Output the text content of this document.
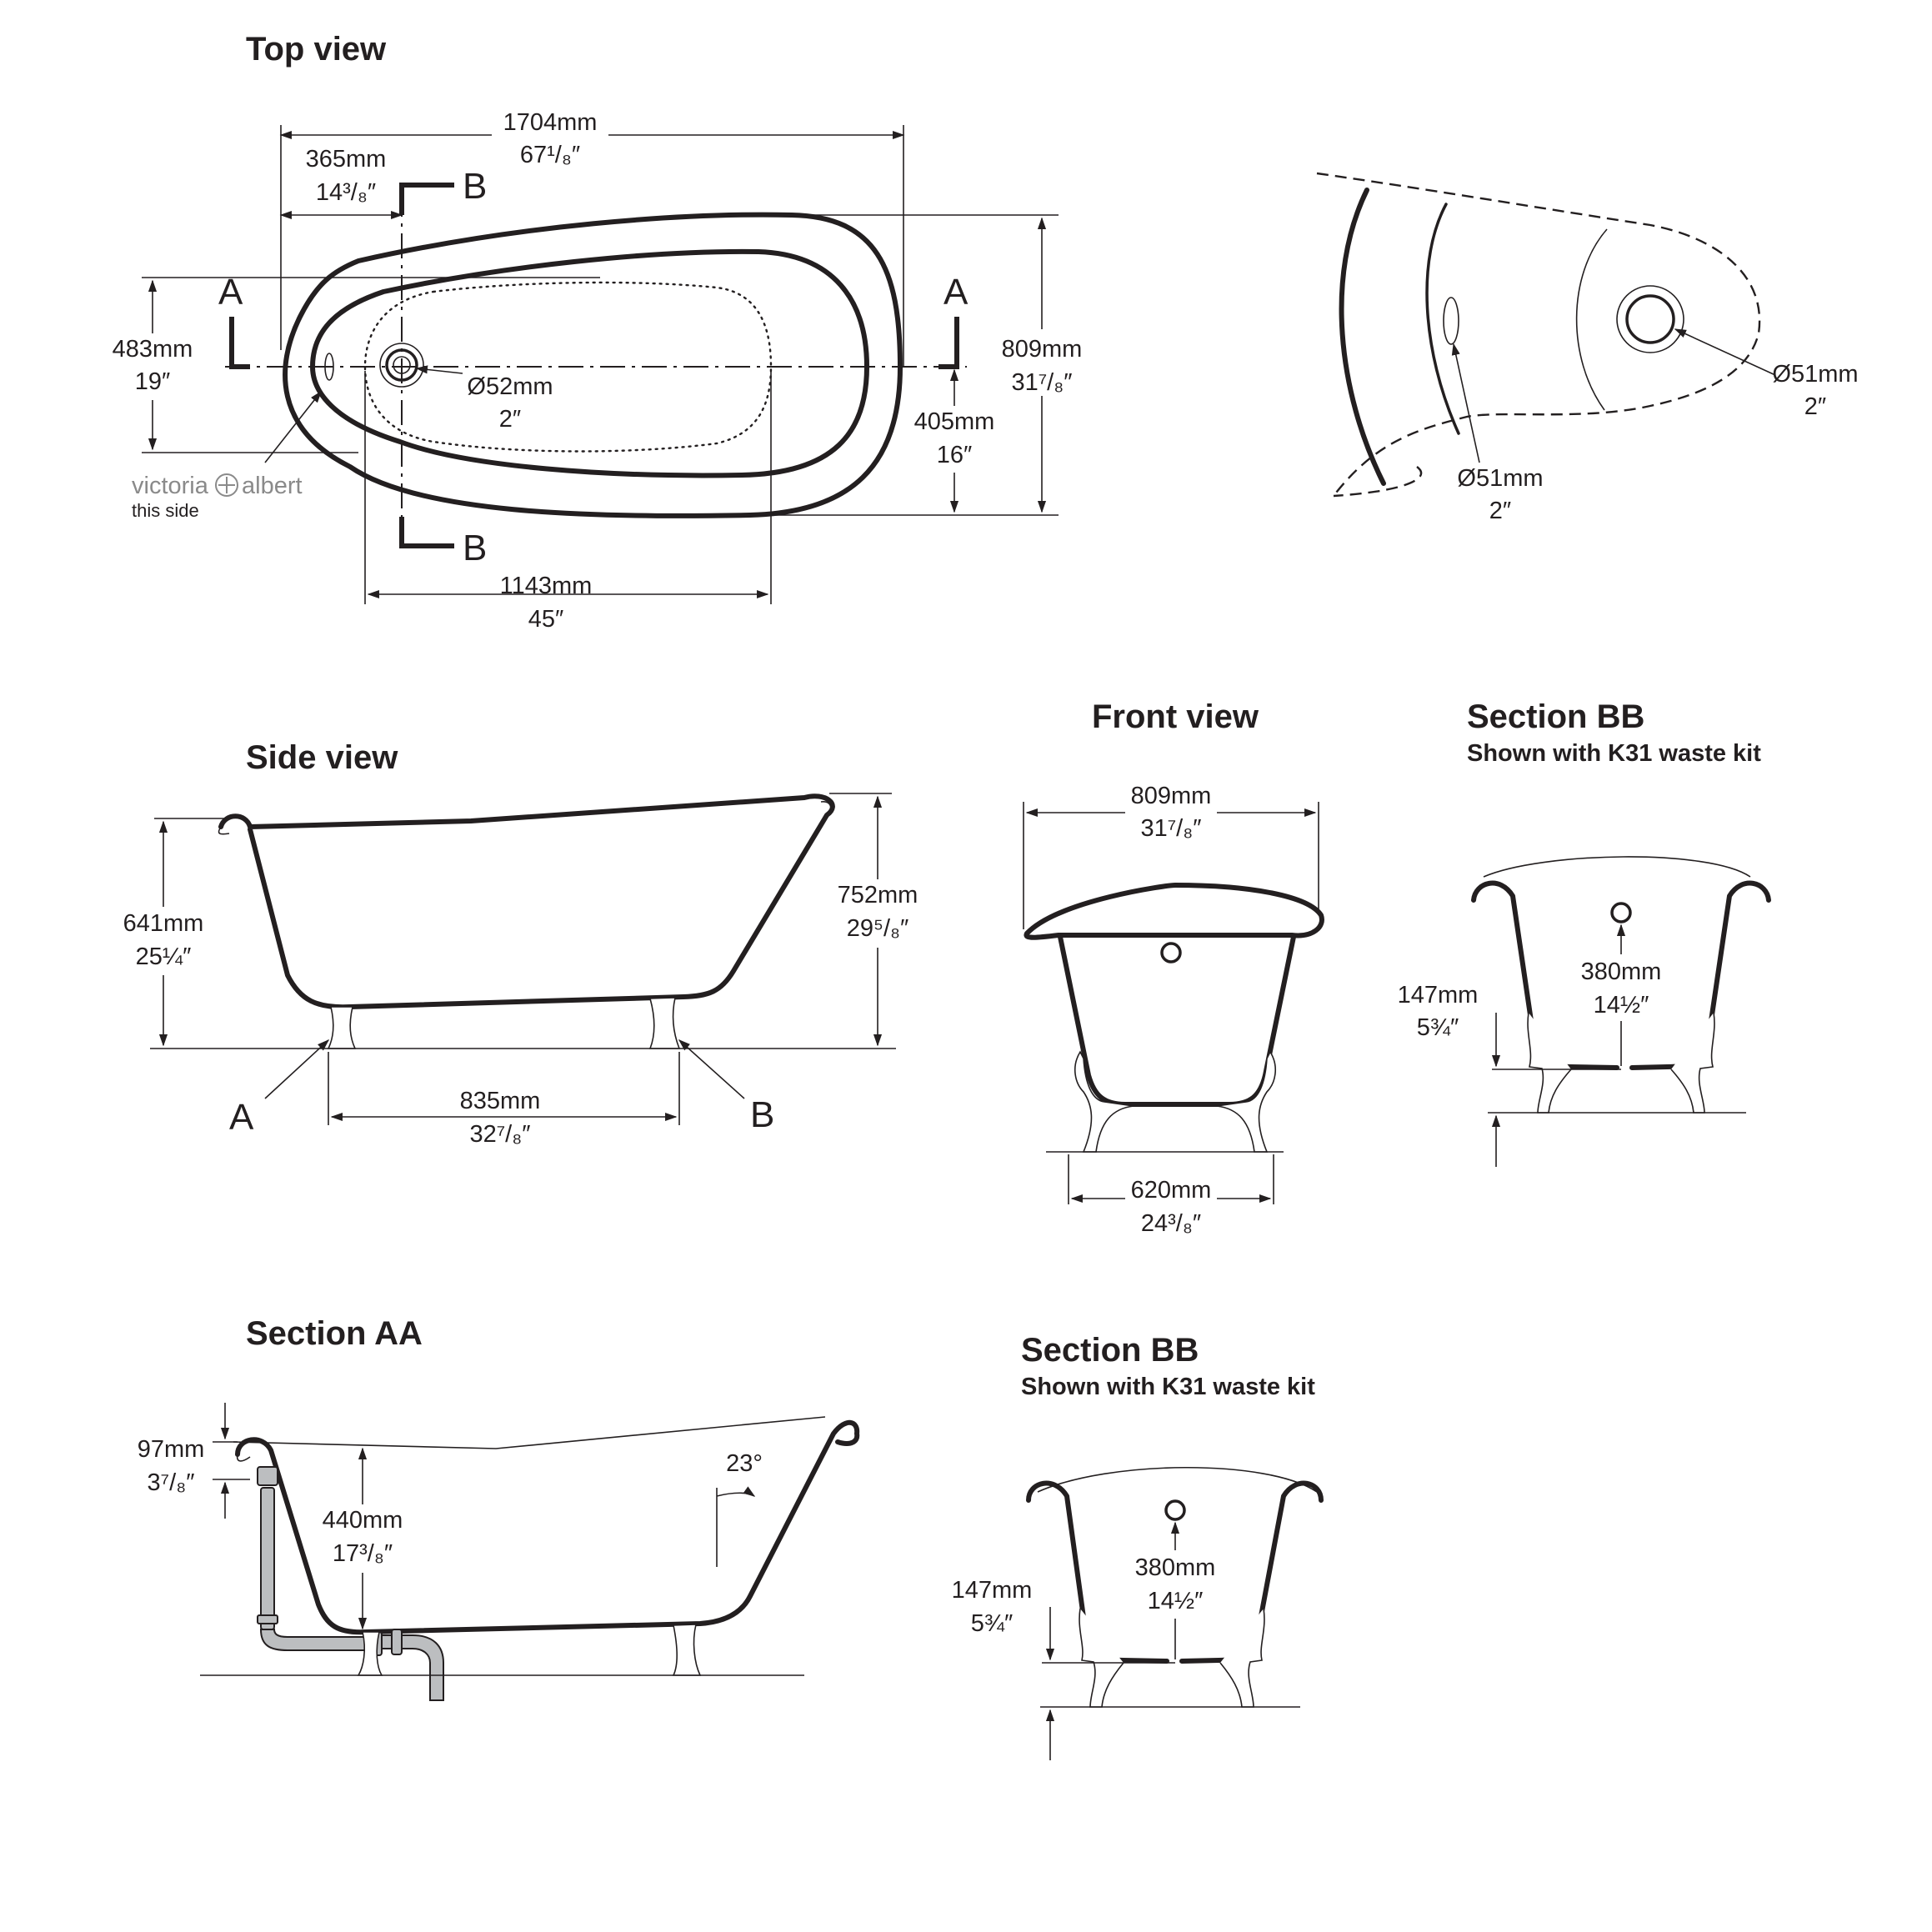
Top view
A	A
B
B
1704mm
67¹/₈″
365mm
14³/₈″
809mm
31⁷/₈″
405mm
16″
483mm
19″	Ø52mm
2″
1143mm
45″
victoria albert
this side
Ø51mm
2″
Ø51mm
2″
Side view
641mm
25¼″
752mm
29⁵/₈″
835mm
32⁷/₈″
A	B
Front view
809mm
31⁷/₈″
620mm
24³/₈″
Section BB
Shown with K31 waste kit
147mm
5¾″
380mm
14½″
Section AA
97mm
3⁷/₈″
440mm
17³/₈″
23°
Section BB
Shown with K31 waste kit
147mm
5¾″
380mm
14½″
